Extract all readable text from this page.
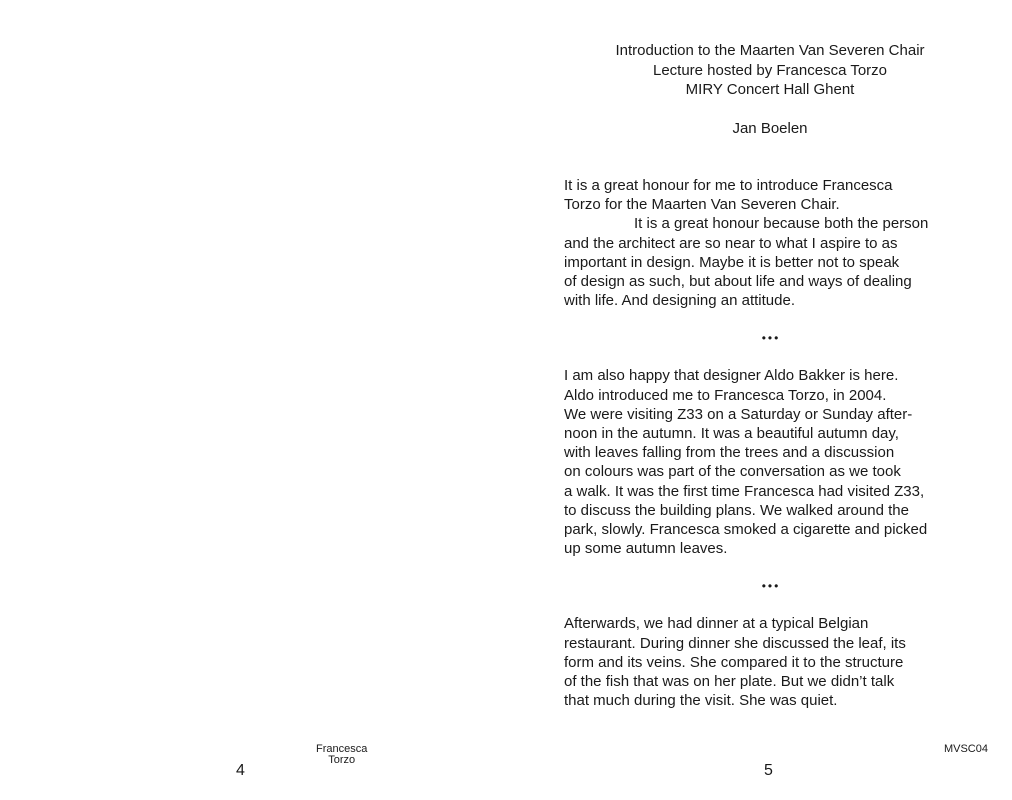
Francesca
Torzo
4
Introduction to the Maarten Van Severen Chair
Lecture hosted by Francesca Torzo
MIRY Concert Hall Ghent
Jan Boelen
It is a great honour for me to introduce Francesca
Torzo for the Maarten Van Severen Chair.
It is a great honour because both the person
and the architect are so near to what I aspire to as
important in design. Maybe it is better not to speak
of design as such, but about life and ways of dealing
with life. And designing an attitude.
•••
I am also happy that designer Aldo Bakker is here.
Aldo introduced me to Francesca Torzo, in 2004.
We were visiting Z33 on a Saturday or Sunday after-
noon in the autumn. It was a beautiful autumn day,
with leaves falling from the trees and a discussion
on colours was part of the conversation as we took
a walk. It was the first time Francesca had visited Z33,
to discuss the building plans. We walked around the
park, slowly. Francesca smoked a cigarette and picked
up some autumn leaves.
•••
Afterwards, we had dinner at a typical Belgian
restaurant. During dinner she discussed the leaf, its
form and its veins. She compared it to the structure
of the fish that was on her plate. But we didn’t talk
that much during the visit. She was quiet.
MVSC04
5
